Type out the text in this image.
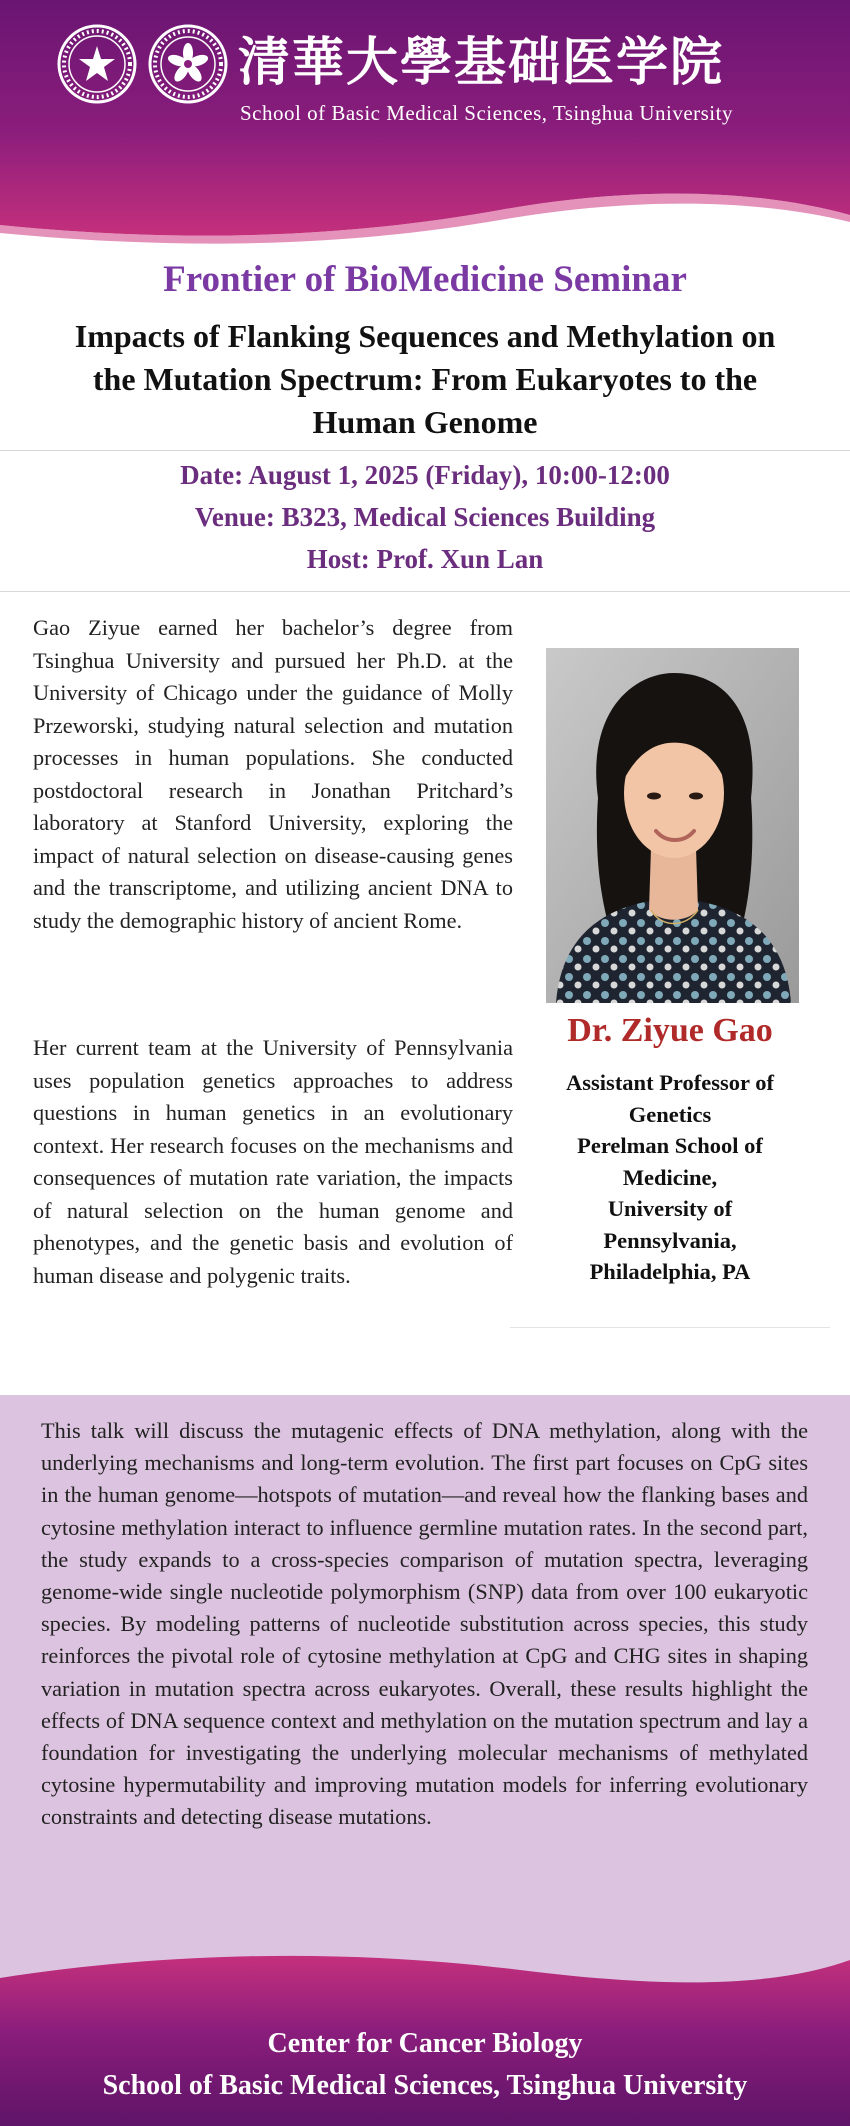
清華大學基础医学院
School of Basic Medical Sciences, Tsinghua University
Frontier of BioMedicine Seminar
Impacts of Flanking Sequences and Methylation on
the Mutation Spectrum: From Eukaryotes to the
Human Genome
Date: August 1, 2025 (Friday), 10:00-12:00
Venue: B323, Medical Sciences Building
Host: Prof. Xun Lan
Gao Ziyue earned her bachelor’s degree from Tsinghua University and pursued her Ph.D. at the University of Chicago under the guidance of Molly Przeworski, studying natural selection and mutation processes in human populations. She conducted postdoctoral research in Jonathan Pritchard’s laboratory at Stanford University, exploring the impact of natural selection on disease-causing genes and the transcriptome, and utilizing ancient DNA to study the demographic history of ancient Rome.
Her current team at the University of Pennsylvania uses population genetics approaches to address questions in human genetics in an evolutionary context. Her research focuses on the mechanisms and consequences of mutation rate variation, the impacts of natural selection on the human genome and phenotypes, and the genetic basis and evolution of human disease and polygenic traits.
Dr. Ziyue Gao
Assistant Professor of
Genetics
Perelman School of
Medicine,
University of
Pennsylvania,
Philadelphia, PA
This talk will discuss the mutagenic effects of DNA methylation, along with the underlying mechanisms and long-term evolution. The first part focuses on CpG sites in the human genome—hotspots of mutation—and reveal how the flanking bases and cytosine methylation interact to influence germline mutation rates. In the second part, the study expands to a cross-species comparison of mutation spectra, leveraging genome-wide single nucleotide polymorphism (SNP) data from over 100 eukaryotic species. By modeling patterns of nucleotide substitution across species, this study reinforces the pivotal role of cytosine methylation at CpG and CHG sites in shaping variation in mutation spectra across eukaryotes. Overall, these results highlight the effects of DNA sequence context and methylation on the mutation spectrum and lay a foundation for investigating the underlying molecular mechanisms of methylated cytosine hypermutability and improving mutation models for inferring evolutionary constraints and detecting disease mutations.
Center for Cancer Biology
School of Basic Medical Sciences, Tsinghua University
